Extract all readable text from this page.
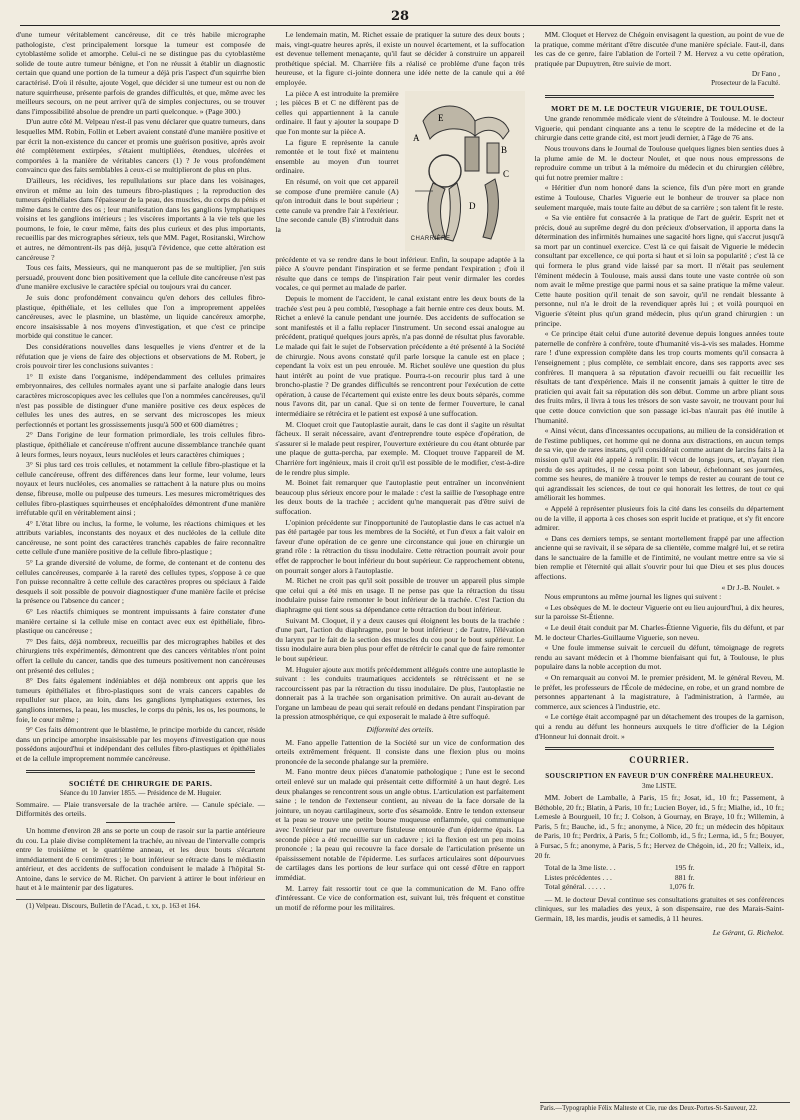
28

d'une tumeur véritablement cancéreuse, dit ce très habile micrographe pathologiste, c'est principalement lorsque la tumeur est composée de cytoblastème solide et amorphe. Celui-ci ne se distingue pas du cytoblastème solide de toute autre tumeur bénigne, et l'on ne réussit à établir un diagnostic certain que quand une portion de la tumeur a déjà pris l'aspect d'un squirrhe bien caractérisé. D'où il résulte, ajoute Vogel, que décider si une tumeur est ou non de nature squirrheuse, présente parfois de grandes difficultés, et que, même avec les meilleurs secours, on ne peut arriver qu'à de simples conjectures, ou se trouver dans l'impossibilité absolue de prendre un parti quelconque. » (Page 300.)

D'un autre côté M. Velpeau n'est-il pas venu déclarer que quatre tumeurs, dans lesquelles MM. Robin, Follin et Lebert avaient constaté d'une manière positive et par écrit la non-existence du cancer et promis une guérison positive, après avoir été complètement extirpées, s'étaient multipliées, étendues, ulcérées et comportées à la manière de véritables cancers (1) ? Je vous profondément convaincu que des faits semblables à ceux-ci se multiplieront de plus en plus.

D'ailleurs, les récidives, les repullulations sur place dans les voisinages, environ et même au loin des tumeurs fibro-plastiques ; la reproduction des tumeurs épithéliales dans l'épaisseur de la peau, des muscles, du corps du pénis et même dans le centre des os ; leur manifestation dans les ganglions lymphatiques voisins et les ganglions intérieurs ; les viscères importants à la vie tels que les poumons, le foie, le cœur même, faits des plus curieux et des plus importants, recueillis par des micrographes sérieux, tels que MM. Paget, Rositanski, Wirchow et autres, ne démontrent-ils pas déjà, jusqu'à l'évidence, que cette altération est cancéreuse ?

Tous ces faits, Messieurs, qui ne manqueront pas de se multiplier, j'en suis persuadé, prouvent donc bien positivement que la cellule dite cancéreuse n'est pas d'une manière exclusive le caractère spécial ou toujours vrai du cancer.

Je suis donc profondément convaincu qu'en dehors des cellules fibro-plastique, épithéliale, et les cellules que l'on a improprement appelées cancéreuses, avec le plasmine, un blastème, un liquide cancéreux amorphe, encore insaisissable à nos moyens d'investigation, et que c'est ce principe morbide qui constitue le cancer.

Des considérations nouvelles dans lesquelles je viens d'entrer et de la réfutation que je viens de faire des objections et observations de M. Robert, je crois pouvoir tirer les conclusions suivantes :

1° Il existe dans l'organisme, indépendamment des cellules primaires embryonnaires, des cellules normales ayant une si parfaite analogie dans leurs caractères microscopiques avec les cellules que l'on a nommées cancéreuses, qu'il n'est pas possible de distinguer d'une manière positive ces deux espèces de cellules les unes des autres, en se servant des microscopes les mieux perfectionnés et portant les grossissements jusqu'à 500 et 600 diamètres ;

2° Dans l'origine de leur formation primordiale, les trois cellules fibro-plastique, épithéliale et cancéreuse n'offrent aucune dissemblance tranchée quant à leurs formes, leurs noyaux, leurs nucléoles et leurs caractères chimiques ;

3° Si plus tard ces trois cellules, et notamment la cellule fibro-plastique et la cellule cancéreuse, offrent des différences dans leur forme, leur volume, leurs noyaux et leurs nucléoles, ces anomalies se rattachent à la nature plus ou moins dense, fibreuse, molle ou pulpeuse des tumeurs. Les mesures micrométriques des cellules fibro-plastiques squirrheuses et encéphaloïdes démontrent d'une manière irréfutable qu'il en véritablement ainsi ;

4° L'état libre ou inclus, la forme, le volume, les réactions chimiques et les attributs variables, inconstants des noyaux et des nucléoles de la cellule dite cancéreuse, ne sont point des caractères tranchés capables de faire reconnaître cette cellule d'une manière positive de la cellule fibro-plastique ;

5° La grande diversité de volume, de forme, de contenant et de contenu des cellules cancéreuses, comparée à la rareté des cellules types, s'oppose à ce que l'on puisse reconnaître à cette cellule des caractères propres ou spéciaux à l'aide desquels il soit possible de pouvoir diagnostiquer d'une manière facile et précise la présence ou l'absence du cancer ;

6° Les réactifs chimiques se montrent impuissants à faire constater d'une manière certaine si la cellule mise en contact avec eux est épithéliale, fibro-plastique ou cancéreuse ;

7° Des faits, déjà nombreux, recueillis par des micrographes habiles et des chirurgiens très expérimentés, démontrent que des cancers véritables n'ont point offert la cellule du cancer, tandis que des tumeurs positivement non cancéreuses ont présenté des cellules ;

8° Des faits également indéniables et déjà nombreux ont appris que les tumeurs épithéliales et fibro-plastiques sont de vrais cancers capables de repulluler sur place, au loin, dans les ganglions lymphatiques externes, les ganglions internes, la peau, les muscles, le corps du pénis, les os, les poumons, le foie, le cœur même ;

9° Ces faits démontrent que le blastème, le principe morbide du cancer, réside dans un principe amorphe insaisissable par les moyens d'investigation que nous possédons aujourd'hui et indépendant des cellules fibro-plastiques et épithéliales et de la cellule improprement nommée cancéreuse.

SOCIÉTÉ DE CHIRURGIE DE PARIS.

Séance du 10 Janvier 1855. — Présidence de M. Huguier.

Sommaire. — Plaie transversale de la trachée artère. — Canule spéciale. — Difformités des orteils.

Un homme d'environ 28 ans se porte un coup de rasoir sur la partie antérieure du cou. La plaie divise complètement la trachée, au niveau de l'intervalle compris entre le troisième et le quatrième anneau, et les deux bouts s'écartent immédiatement de 6 centimètres ; le bout inférieur se rétracte dans le médiastin antérieur, et des accidents de suffocation conduisent le malade à l'hôpital St-Antoine, dans le service de M. Richet. On parvient à attirer le bout inférieur en haut et à le maintenir par des ligatures.

(1) Velpeau. Discours, Bulletin de l'Acad., t. xx, p. 163 et 164.

Le lendemain matin, M. Richet essaie de pratiquer la suture des deux bouts ; mais, vingt-quatre heures après, il existe un nouvel écartement, et la suffocation est devenue tellement menaçante, qu'il faut se décider à construire un appareil prothétique spécial. M. Charrière fils a réalisé ce problème d'une façon très heureuse, et la figure ci-jointe donnera une idée nette de la canule qui a été employée.

E
A
B
C
D
CHARRIÈRE

La pièce A est introduite la première ; les pièces B et C ne diffèrent pas de celles qui appartiennent à la canule ordinaire. Il faut y ajouter la soupape D que l'on monte sur la pièce A.

La figure E représente la canule remontée et le tout fixé et maintenu ensemble au moyen d'un tourret ordinaire.

En résumé, on voit que cet appareil se compose d'une première canule (A) qu'on introduit dans le bout supérieur ; cette canule va prendre l'air à l'extérieur. Une seconde canule (B) s'introduit dans la

précédente et va se rendre dans le bout inférieur. Enfin, la soupape adaptée à la pièce A s'ouvre pendant l'inspiration et se ferme pendant l'expiration ; d'où il résulte que dans ce temps de l'inspiration l'air peut venir dirmaler les cordes vocales, ce qui permet au malade de parler.

Depuis le moment de l'accident, le canal existant entre les deux bouts de la trachée s'est peu à peu comblé, l'œsophage a fait hernie entre ces deux bouts. M. Richet a enlevé la canule pendant une journée. Des accidents de suffocation se sont manifestés et il a fallu replacer l'instrument. Un second essai analogue au précédent, pratiqué quelques jours après, n'a pas donné de résultat plus favorable. Le malade qui fait le sujet de l'observation précédente a été présenté à la Société de chirurgie. Nous avons constaté qu'il parle lorsque la canule est en place ; cependant la voix est un peu enrouée. M. Richet soulève une question du plus haut intérêt au point de vue pratique. Pourra-t-on recourir plus tard à une broncho-plastie ? De grandes difficultés se rencontrent pour l'exécution de cette opération, à cause de l'écartement qui existe entre les deux bouts séparés, comme nous l'avons dit, par un canal. Que si on tente de fermer l'ouverture, le canal intermédiaire se rétrécira et le patient est exposé à une suffocation.

M. Cloquet croit que l'autoplastie aurait, dans le cas dont il s'agite un résultat fâcheux. Il serait nécessaire, avant d'entreprendre toute espèce d'opération, de s'assurer si le malade peut respirer, l'ouverture extérieure du cou étant obturée par une plaque de gutta-percha, par exemple. M. Cloquet trouve l'appareil de M. Charrière fort ingénieux, mais il croit qu'il est possible de le modifier, c'est-à-dire de le rendre plus simple.

M. Boinet fait remarquer que l'autoplastie peut entraîner un inconvénient beaucoup plus sérieux encore pour le malade : c'est la saillie de l'œsophage entre les deux bouts de la trachée ; accident qu'ne manquerait pas d'être suivi de suffocation.

L'opinion précédente sur l'inopportunité de l'autoplastie dans le cas actuel n'a pas été partagée par tous les membres de la Société, et l'un d'eux a fait valoir en faveur d'une opération de ce genre une circonstance qui joue en chirurgie un grand rôle : la rétraction du tissu inodulaire. Cette rétraction pourrait avoir pour effet de rapprocher le bout inférieur du bout supérieur. Ce rapprochement obtenu, on pourrait songer alors à l'autoplastie.

M. Richet ne croit pas qu'il soit possible de trouver un appareil plus simple que celui qui a été mis en usage. Il ne pense pas que la rétraction du tissu inodulaire puisse faire remonter le bout inférieur de la trachée. C'est l'action du diaphragme qui tient sous sa dépendance cette rétraction du bout inférieur.

Suivant M. Cloquet, il y a deux causes qui éloignent les bouts de la trachée : d'une part, l'action du diaphragme, pour le bout inférieur ; de l'autre, l'élévation du larynx par le fait de la section des muscles du cou pour le bout supérieur. Le tissu inodulaire aura bien plus pour effet de rétrécir le canal que de faire remonter le bout supérieur.

M. Huguier ajoute aux motifs précédemment allégués contre une autoplastie le suivant : les conduits traumatiques accidentels se rétrécissent et ne se raccourcissent pas par la rétraction du tissu inodulaire. De plus, l'autoplastie ne donnerait pas à la trachée son organisation primitive. On aurait au-devant de l'organe un lambeau de peau qui serait refoulé en dedans pendant l'inspiration par la pression atmosphérique, ce qui exposerait le malade à être suffoqué.

Difformité des orteils.

M. Fano appelle l'attention de la Société sur un vice de conformation des orteils extrêmement fréquent. Il consiste dans une flexion plus ou moins prononcée de la seconde phalange sur la première.

M. Fano montre deux pièces d'anatomie pathologique ; l'une est le second orteil enlevé sur un malade qui présentait cette difformité à un haut degré. Les deux phalanges se rencontrent sous un angle obtus. L'articulation est parfaitement saine ; le tendon de l'extenseur contient, au niveau de la face dorsale de la jointure, un noyau cartilagineux, sorte d'os sésamoïde. Entre le tendon extenseur et la peau se trouve une petite bourse muqueuse enflammée, qui communique avec l'extérieur par une ouverture fistuleuse entourée d'un épiderme épais. La seconde pièce a été recueillie sur un cadavre ; ici la flexion est un peu moins prononcée ; la peau qui recouvre la face dorsale de l'articulation présente un épaississement notable de l'épiderme. Les surfaces articulaires sont dépourvues de cartilages dans les portions de leur surface qui ont cessé d'être en rapport immédiat.

M. Larrey fait ressortir tout ce que la communication de M. Fano offre d'intéressant. Ce vice de conformation est, suivant lui, très fréquent et constitue un motif de réforme pour les militaires.

MM. Cloquet et Hervez de Chégoin envisagent la question, au point de vue de la pratique, comme méritant d'être discutée d'une manière spéciale. Faut-il, dans les cas de ce genre, faire l'ablation de l'orteil ? M. Hervez a vu cette opération, pratiquée par Dupuytren, être suivie de mort.

Dr Fano ,
Prosecteur de la Faculté.

MORT DE M. LE DOCTEUR VIGUERIE, DE TOULOUSE.

Une grande renommée médicale vient de s'éteindre à Toulouse. M. le docteur Viguerie, qui pendant cinquante ans a tenu le sceptre de la médecine et de la chirurgie dans cette grande cité, est mort jeudi dernier, à l'âge de 76 ans.

Nous trouvons dans le Journal de Toulouse quelques lignes bien senties dues à la plume amie de M. le docteur Noulet, et que nous nous empressons de reproduire comme un tribut à la mémoire du médecin et du chirurgien célèbre, qui fut notre premier maître :

« Héritier d'un nom honoré dans la science, fils d'un père mort en grande estime à Toulouse, Charles Viguerie eut le bonheur de trouver sa place non seulement marquée, mais toute faite au début de sa carrière ; son talent fit le reste.

« Sa vie entière fut consacrée à la pratique de l'art de guérir. Esprit net et précis, doué au suprême degré du don précieux d'observation, il apporta dans la détermination des infirmités humaines une sagacité hors ligne, qui s'accrut jusqu'à sa mort par un continuel exercice. C'est là ce qui faisait de Viguerie le médecin consultant par excellence, ce qui porta si haut et si loin sa popularité ; c'est là ce qui formera le plus grand vide laissé par sa mort. Il n'était pas seulement l'éminent médecin à Toulouse, mais aussi dans toute une vaste contrée où son nom avait le même prestige que parmi nous et sa saine pratique la même valeur. Cette haute position qu'il tenait de son savoir, qu'il ne rendait blessante à personne, nul n'a le droit de la revendiquer après lui ; et voilà pourquoi en Viguerie s'éteint plus qu'un grand médecin, plus qu'un grand chirurgien : un principe.

« Ce principe était celui d'une autorité devenue depuis longues années toute paternelle de confrère à confrère, toute d'humanité vis-à-vis ses malades. Homme rare ! d'une expression complète dans les trop courts moments qu'il consacra à l'enseignement ; plus complète, ce semblait encore, dans ses rapports avec ses confrères. Il manquera à sa réputation d'avoir recueilli ou fait recueillir les résultats de tant d'expérience. Mais il ne consentit jamais à quitter le titre de praticien qui avait fait sa réputation dès son début. Comme un arbre pliant sous des fruits mûrs, il livra à tous les trésors de son vaste savoir, ne trouvant pour lui que cette douce conviction que son passage ici-bas n'aurait pas été inutile à l'humanité.

« Ainsi vécut, dans d'incessantes occupations, au milieu de la considération et de l'estime publiques, cet homme qui ne donna aux distractions, en aucun temps de sa vie, que de rares instans, qu'il considérait comme autant de larcins faits à la mission qu'il avait été appelé à remplir. Il vécut de longs jours, et, n'ayant rien perdu de ses aptitudes, il ne cessa point son labeur, échelonnant ses journées, comme ses heures, de manière à trouver le temps de rester au courant de tout ce qui agrandissait les sciences, de tout ce qui honorait les lettres, de tout ce qui améliorait les hommes.

« Appelé à représenter plusieurs fois la cité dans les conseils du département ou de la ville, il apporta à ces choses son esprit lucide et pratique, et s'y fit encore admirer.

« Dans ces derniers temps, se sentant mortellement frappé par une affection ancienne qui se ravivait, il se sépara de sa clientèle, comme malgré lui, et se retira dans le sanctuaire de la famille et de l'intimité, ne voulant mettre entre sa vie si bien remplie et l'éternité qui allait s'ouvrir pour lui que Dieu et ses plus douces affections.

« Dr J.-B. Noulet. »

Nous empruntons au même journal les lignes qui suivent :

« Les obsèques de M. le docteur Viguerie ont eu lieu aujourd'hui, à dix heures, sur la paroisse St-Étienne.

« Le deuil était conduit par M. Charles-Étienne Viguerie, fils du défunt, et par M. le docteur Charles-Guillaume Viguerie, son neveu.

« Une foule immense suivait le cercueil du défunt, témoignage de regrets rendu au savant médecin et à l'homme bienfaisant qui fut, à Toulouse, le plus populaire dans la noble acception du mot.

« On remarquait au convoi M. le premier président, M. le général Reveu, M. le préfet, les professeurs de l'École de médecine, en robe, et un grand nombre de personnes appartenant à la magistrature, à l'administration, à l'armée, au commerce, aux sciences à l'industrie, etc.

« Le cortège était accompagné par un détachement des troupes de la garnison, qui a rendu au défunt les honneurs auxquels le titre d'officier de la Légion d'Honneur lui donnait droit. »

COURRIER.

SOUSCRIPTION EN FAVEUR D'UN CONFRÈRE MALHEUREUX.

3me LISTE.

MM. Jobert de Lamballe, à Paris, 15 fr.; Josat, id., 10 fr.; Passement, à Béthoble, 20 fr.; Blatin, à Paris, 10 fr.; Lucien Boyer, id., 5 fr.; Mialhe, id., 10 fr.; Lemesle à Bourgueil, 10 fr.; J. Colson, à Gournay, en Braye, 10 fr.; Willemin, à Paris, 5 fr.; Bauche, id., 5 fr.; anonyme, à Nice, 20 fr.; un médecin des hôpitaux de Paris, 10 fr.; Perdrix, à Paris, 5 fr.; Collomb, id., 5 fr.; Lerma, id., 5 fr.; Bouyer, à Fursac, 5 fr.; anonyme, à Paris, 5 fr.; Hervez de Chégoin, id., 20 fr.; Valleix, id., 20 fr.

Total de la 3me liste. . .	195 fr.
Listes précédentes . . .	881 fr.
Total général. . . . . .	1,076 fr.

— M. le docteur Deval continue ses consultations gratuites et ses conférences cliniques, sur les maladies des yeux, à son dispensaire, rue des Marais-Saint-Germain, 18, les mardis, jeudis et samedis, à 11 heures.

Le Gérant, G. Richelot.
Paris.—Typographie Félix Malteste et Cie, rue des Deux-Portes-St-Sauveur, 22.
